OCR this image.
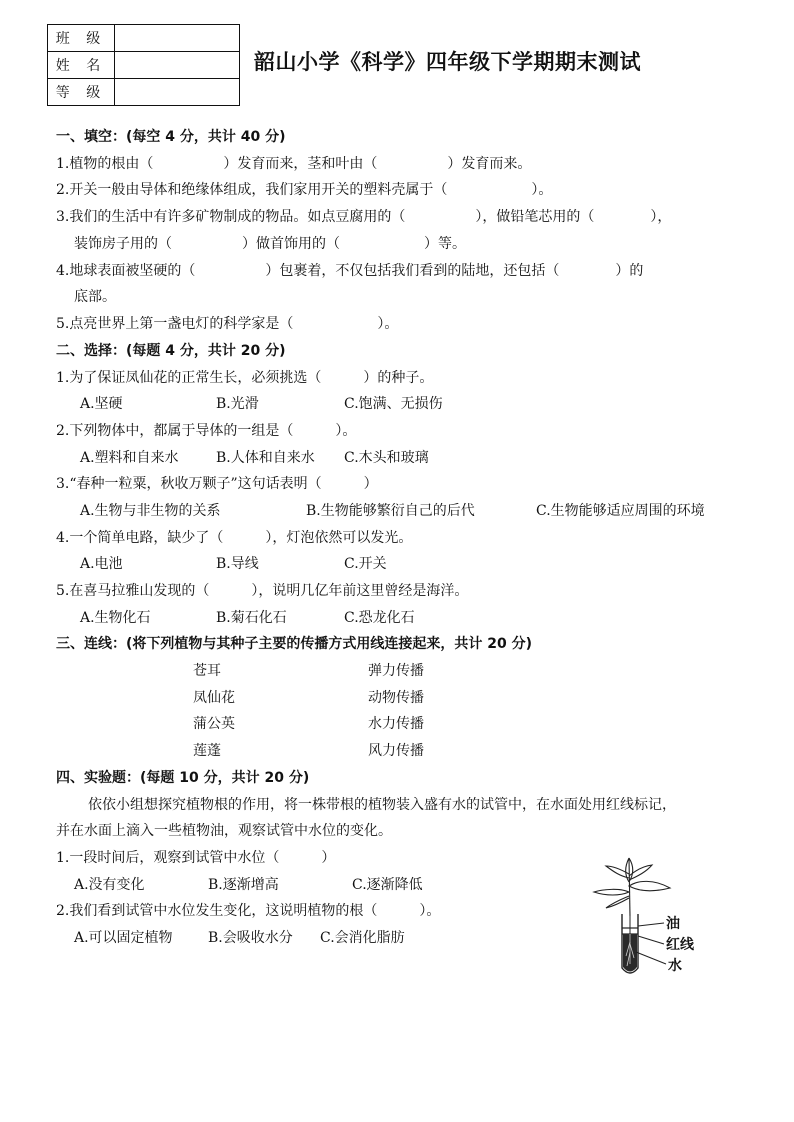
班 级	
姓 名	
等 级	
韶山小学《科学》四年级下学期期末测试
一、填空：(每空 4 分，共计 40 分)
1.植物的根由（　　　　　）发育而来，茎和叶由（　　　　　）发育而来。
2.开关一般由导体和绝缘体组成，我们家用开关的塑料壳属于（　　　　　　）。
3.我们的生活中有许多矿物制成的物品。如点豆腐用的（　　　　　），做铅笔芯用的（　　　　），
装饰房子用的（　　　　　）做首饰用的（　　　　　　）等。
4.地球表面被坚硬的（　　　　　）包裹着，不仅包括我们看到的陆地，还包括（　　　　）的
底部。
5.点亮世界上第一盏电灯的科学家是（　　　　　　）。
二、选择：(每题 4 分，共计 20 分)
1.为了保证凤仙花的正常生长，必须挑选（　　　）的种子。
A.坚硬	B.光滑	C.饱满、无损伤
2.下列物体中，都属于导体的一组是（　　　）。
A.塑料和自来水	B.人体和自来水 C.木头和玻璃
3.“春种一粒粟，秋收万颗子”这句话表明（　　　）
A.生物与非生物的关系	B.生物能够繁衍自己的后代	C.生物能够适应周围的环境
4.一个简单电路，缺少了（　　　），灯泡依然可以发光。
A.电池	B.导线	C.开关
5.在喜马拉雅山发现的（　　　），说明几亿年前这里曾经是海洋。
A.生物化石	B.菊石化石	C.恐龙化石
三、连线：(将下列植物与其种子主要的传播方式用线连接起来，共计 20 分)
苍耳	弹力传播
凤仙花	动物传播
蒲公英	水力传播
莲蓬	风力传播
四、实验题：(每题 10 分，共计 20 分)
依依小组想探究植物根的作用，将一株带根的植物装入盛有水的试管中，在水面处用红线标记，
并在水面上滴入一些植物油，观察试管中水位的变化。
1.一段时间后，观察到试管中水位（　　　）
A.没有变化	B.逐渐增高	C.逐渐降低
2.我们看到试管中水位发生变化，这说明植物的根（　　　）。
A.可以固定植物	B.会吸收水分 C.会消化脂肪
油
红线
水
